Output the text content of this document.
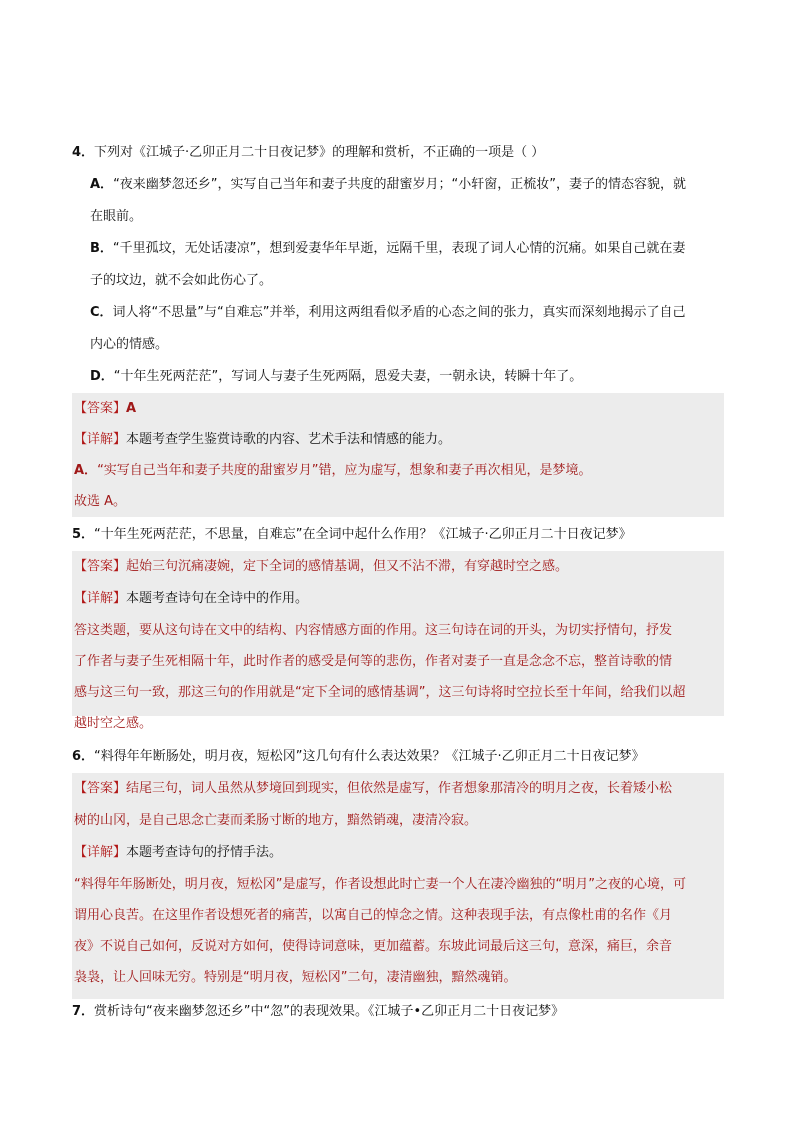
4．下列对《江城子·乙卯正月二十日夜记梦》的理解和赏析，不正确的一项是（ ）
A．“夜来幽梦忽还乡”，实写自己当年和妻子共度的甜蜜岁月；“小轩窗，正梳妆”，妻子的情态容貌，就
在眼前。
B．“千里孤坟，无处话凄凉”，想到爱妻华年早逝，远隔千里，表现了词人心情的沉痛。如果自己就在妻
子的坟边，就不会如此伤心了。
C．词人将“不思量”与“自难忘”并举，利用这两组看似矛盾的心态之间的张力，真实而深刻地揭示了自己
内心的情感。
D．“十年生死两茫茫”，写词人与妻子生死两隔，恩爱夫妻，一朝永诀，转瞬十年了。
【答案】A
【详解】本题考查学生鉴赏诗歌的内容、艺术手法和情感的能力。
A．“实写自己当年和妻子共度的甜蜜岁月”错，应为虚写，想象和妻子再次相见，是梦境。
故选 A。
5．“十年生死两茫茫，不思量，自难忘”在全词中起什么作用？《江城子·乙卯正月二十日夜记梦》
【答案】起始三句沉痛凄婉，定下全词的感情基调，但又不沾不滞，有穿越时空之感。
【详解】本题考查诗句在全诗中的作用。
答这类题，要从这句诗在文中的结构、内容情感方面的作用。这三句诗在词的开头，为切实抒情句，抒发
了作者与妻子生死相隔十年，此时作者的感受是何等的悲伤，作者对妻子一直是念念不忘，整首诗歌的情
感与这三句一致，那这三句的作用就是“定下全词的感情基调”，这三句诗将时空拉长至十年间，给我们以超
越时空之感。
6．“料得年年断肠处，明月夜，短松冈”这几句有什么表达效果？《江城子·乙卯正月二十日夜记梦》
【答案】结尾三句，词人虽然从梦境回到现实，但依然是虚写，作者想象那清冷的明月之夜，长着矮小松
树的山冈，是自己思念亡妻而柔肠寸断的地方，黯然销魂，凄清冷寂。
【详解】本题考查诗句的抒情手法。
“料得年年肠断处，明月夜，短松冈”是虚写，作者设想此时亡妻一个人在凄冷幽独的“明月”之夜的心境，可
谓用心良苦。在这里作者设想死者的痛苦，以寓自己的悼念之情。这种表现手法，有点像杜甫的名作《月
夜》不说自己如何，反说对方如何，使得诗词意味，更加蕴蓄。东坡此词最后这三句，意深，痛巨，余音
袅袅，让人回味无穷。特别是“明月夜，短松冈”二句，凄清幽独，黯然魂销。
7．赏析诗句“夜来幽梦忽还乡”中“忽”的表现效果。《江城子•乙卯正月二十日夜记梦》
